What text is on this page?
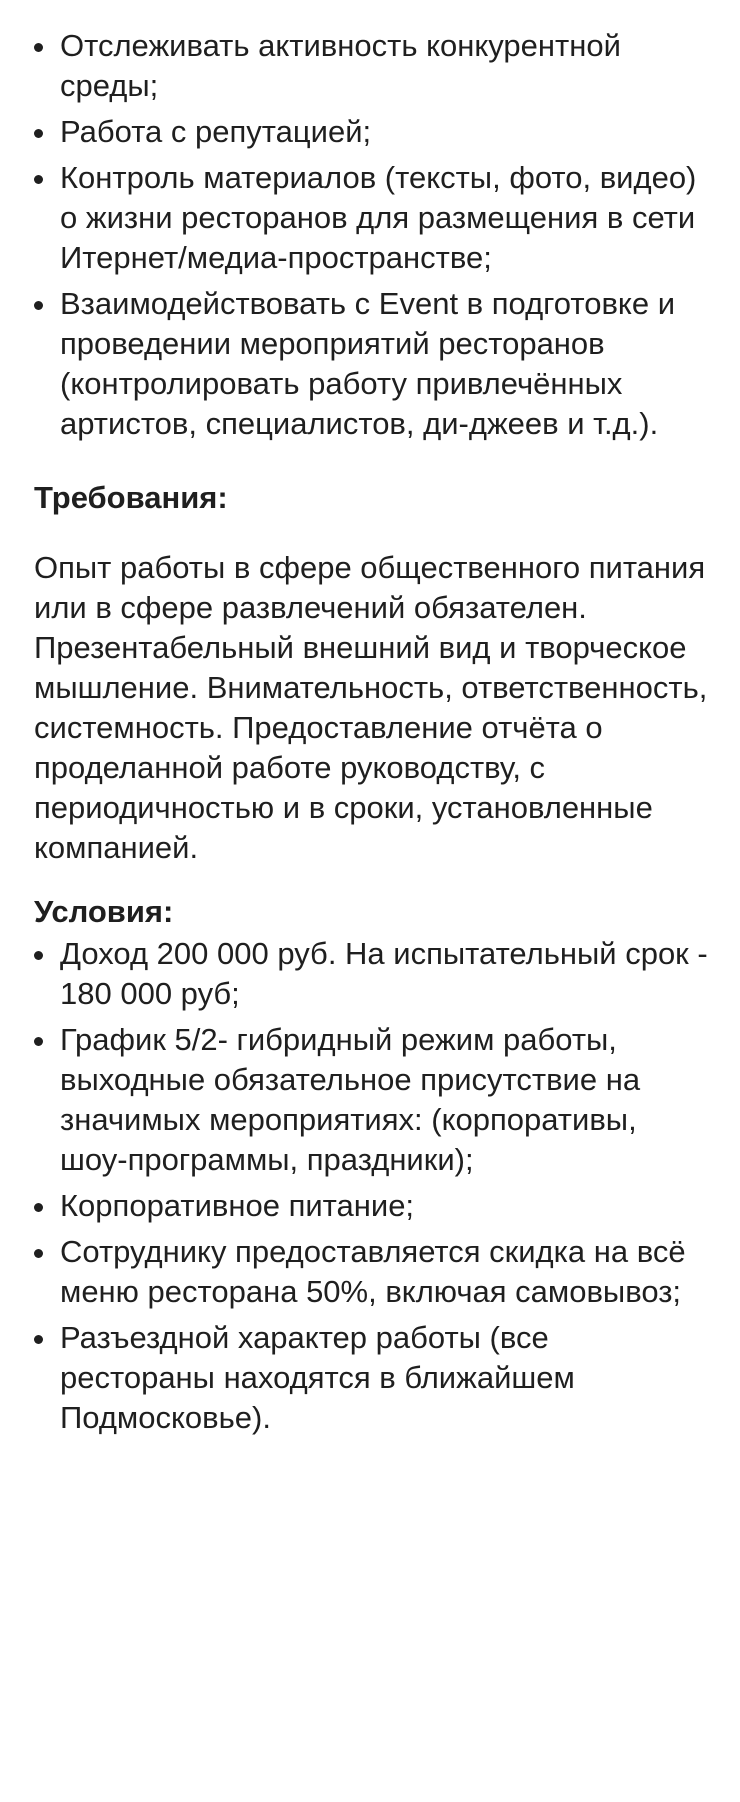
Отслеживать активность конкурентной среды;
Работа с репутацией;
Контроль материалов (тексты, фото, видео) о жизни ресторанов для размещения в сети Итернет/медиа-пространстве;
Взаимодействовать с Event в подготовке и проведении мероприятий ресторанов (контролировать работу привлечённых артистов, специалистов, ди-джеев и т.д.).
Требования:

Опыт работы в сфере общественного питания или в сфере развлечений обязателен. Презентабельный внешний вид и творческое мышление. Внимательность, ответственность, системность. Предоставление отчёта о проделанной работе руководству, с периодичностью и в сроки, установленные компанией.

Условия:
Доход 200 000 руб. На испытательный срок - 180 000 руб;
График 5/2- гибридный режим работы, выходные обязательное присутствие на значимых мероприятиях: (корпоративы, шоу-программы, праздники);
Корпоративное питание;
Сотруднику предоставляется скидка на всё меню ресторана 50%, включая самовывоз;
Разъездной характер работы (все рестораны находятся в ближайшем Подмосковье).
